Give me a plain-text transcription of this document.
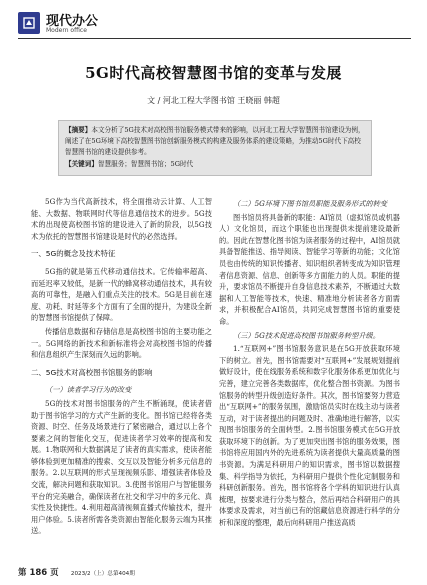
现代办公
Modern office
5G时代高校智慧图书馆的变革与发展
文 / 河北工程大学图书馆 王晓丽 韩超
【摘要】本文分析了5G技术对高校图书馆服务模式带来的影响，以河北工程大学智慧图书馆建设为例，阐述了在5G环境下高校智慧图书馆创新服务模式的构建及服务体系的建设策略，为推动5G时代下高校智慧图书馆的建设提供参考。
【关键词】智慧服务；智慧图书馆；5G时代

5G作为当代高新技术，将全面推动云计算、人工智能、大数据、物联网时代等信息通信技术的进步。5G技术的出现使高校图书馆的建设进入了新的阶段，以5G技术为依托的智慧图书馆建设是时代的必然选择。

一、5G的概念及技术特征

5G指的就是第五代移动通信技术。它传输率超高、而延迟率又较低，是新一代的蜂窝移动通信技术，具有较高的可靠性，是融入们重点关注的技术。5G是目前在速度、功耗、时延等多个方面有了全面的提升，为建设全新的智慧图书馆提供了保障。

传播信息数据和存储信息是高校图书馆的主要功能之一。5G网络的新技术和新标准将会对高校图书馆的传播和信息组织产生深刻而久远的影响。

二、5G技术对高校图书馆服务的影响
（一）读者学习行为的改变

5G的技术对图书馆服务的产生不断涌现，使读者借助于图书馆学习的方式产生新的变化。图书馆已经将各类资源、时空、任务及场景进行了紧密融合，通过以上各个要素之间的智能化交互，促进读者学习效率的提高和发展。1.物联网和大数据满足了读者的真实需求，使读者能够体验到更加精准的搜索、交互以及智能分析多元信息的服务。2.以互联网的形式呈现视频乐影、增强读者体验及交流，解决问题和获取知识。3.使图书馆用户与智能服务平台的完美融合，确保读者在社交和学习中的多元化、真实性及快捷性。4.利用超高清视频直播式传输技术，提升用户体验。5.读者所需各类资源由智能化服务云端为其推送。

（二）5G环境下图书馆员职能及服务形式的转变

图书馆员将具备新的职能：AI馆员（虚拟馆员或机器人）文化馆员，而这个职能也出现提供未提前建设最新的。因此在智慧化图书馆为读者服务的过程中，AI馆员就具备智能推送、指导阅读、智能学习等新的功能；文化馆员也由传统的知识传播者、知识组织者转变成为知识管理者信息资源、信息、创新等多方面能力的人员。职能的提升，要求馆员不断提升自身信息技术素养，不断通过大数据和人工智能等技术，快速、精准地分析读者各方面需求，并积极配合AI馆员，共同完成智慧图书馆的重要使命。

（三）5G技术促进高校图书馆服务转型升级。

1.“互联网+”图书馆服务意识是在5G开放获取环境下的树立。首先，图书馆需要对“互联网+”发展规划提前做好设计，使在线服务系统和数字化服务体系更加优化与完善，建立完善各类数据库，优化整合图书资源。为图书馆服务的转型升级创造好条件。其次，图书馆要努力营造出“互联网+”的服务氛围，激励馆员实时在线主动与读者互动，对于读者提出的问题及时、准确地进行解答，以实现图书馆服务的全面转型。2.图书馆服务模式在5G开放获取环境下的创新。为了更加突出图书馆的服务效果，图书馆将应用国内外的先进系统为读者提供大量高质量的图书资源。为满足科研用户的知识需求，图书馆以数据搜集、科学指导为依托，为科研用户提供个性化定制服务和科研创新服务。首先，图书馆将各个学科的知识进行认真梳理，按要求进行分类与整合，然后再结合科研用户的具体要求及需求，对当前已有的馆藏信息资源进行科学的分析和深度的整理，最后向科研用户推送高质

第 186 页 2023/2（上）总第404期
